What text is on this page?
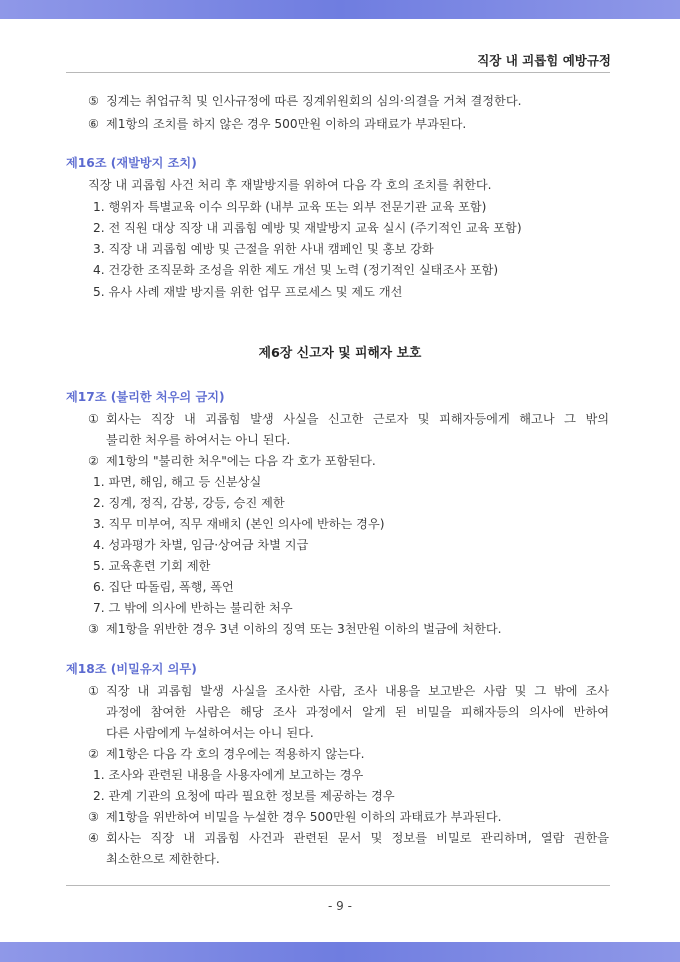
직장 내 괴롭힘 예방규정
⑤ 징계는 취업규칙 및 인사규정에 따른 징계위원회의 심의·의결을 거쳐 결정한다.
⑥ 제1항의 조치를 하지 않은 경우 500만원 이하의 과태료가 부과된다.
제16조 (재발방지 조치)
직장 내 괴롭힘 사건 처리 후 재발방지를 위하여 다음 각 호의 조치를 취한다.
1. 행위자 특별교육 이수 의무화 (내부 교육 또는 외부 전문기관 교육 포함)
2. 전 직원 대상 직장 내 괴롭힘 예방 및 재발방지 교육 실시 (주기적인 교육 포함)
3. 직장 내 괴롭힘 예방 및 근절을 위한 사내 캠페인 및 홍보 강화
4. 건강한 조직문화 조성을 위한 제도 개선 및 노력 (정기적인 실태조사 포함)
5. 유사 사례 재발 방지를 위한 업무 프로세스 및 제도 개선
제6장 신고자 및 피해자 보호
제17조 (불리한 처우의 금지)
① 회사는 직장 내 괴롭힘 발생 사실을 신고한 근로자 및 피해자등에게 해고나 그 밖의
불리한 처우를 하여서는 아니 된다.
② 제1항의 "불리한 처우"에는 다음 각 호가 포함된다.
1. 파면, 해임, 해고 등 신분상실
2. 징계, 정직, 감봉, 강등, 승진 제한
3. 직무 미부여, 직무 재배치 (본인 의사에 반하는 경우)
4. 성과평가 차별, 임금·상여금 차별 지급
5. 교육훈련 기회 제한
6. 집단 따돌림, 폭행, 폭언
7. 그 밖에 의사에 반하는 불리한 처우
③ 제1항을 위반한 경우 3년 이하의 징역 또는 3천만원 이하의 벌금에 처한다.
제18조 (비밀유지 의무)
① 직장 내 괴롭힘 발생 사실을 조사한 사람, 조사 내용을 보고받은 사람 및 그 밖에 조사
과정에 참여한 사람은 해당 조사 과정에서 알게 된 비밀을 피해자등의 의사에 반하여
다른 사람에게 누설하여서는 아니 된다.
② 제1항은 다음 각 호의 경우에는 적용하지 않는다.
1. 조사와 관련된 내용을 사용자에게 보고하는 경우
2. 관계 기관의 요청에 따라 필요한 정보를 제공하는 경우
③ 제1항을 위반하여 비밀을 누설한 경우 500만원 이하의 과태료가 부과된다.
④ 회사는 직장 내 괴롭힘 사건과 관련된 문서 및 정보를 비밀로 관리하며, 열람 권한을
최소한으로 제한한다.
- 9 -
